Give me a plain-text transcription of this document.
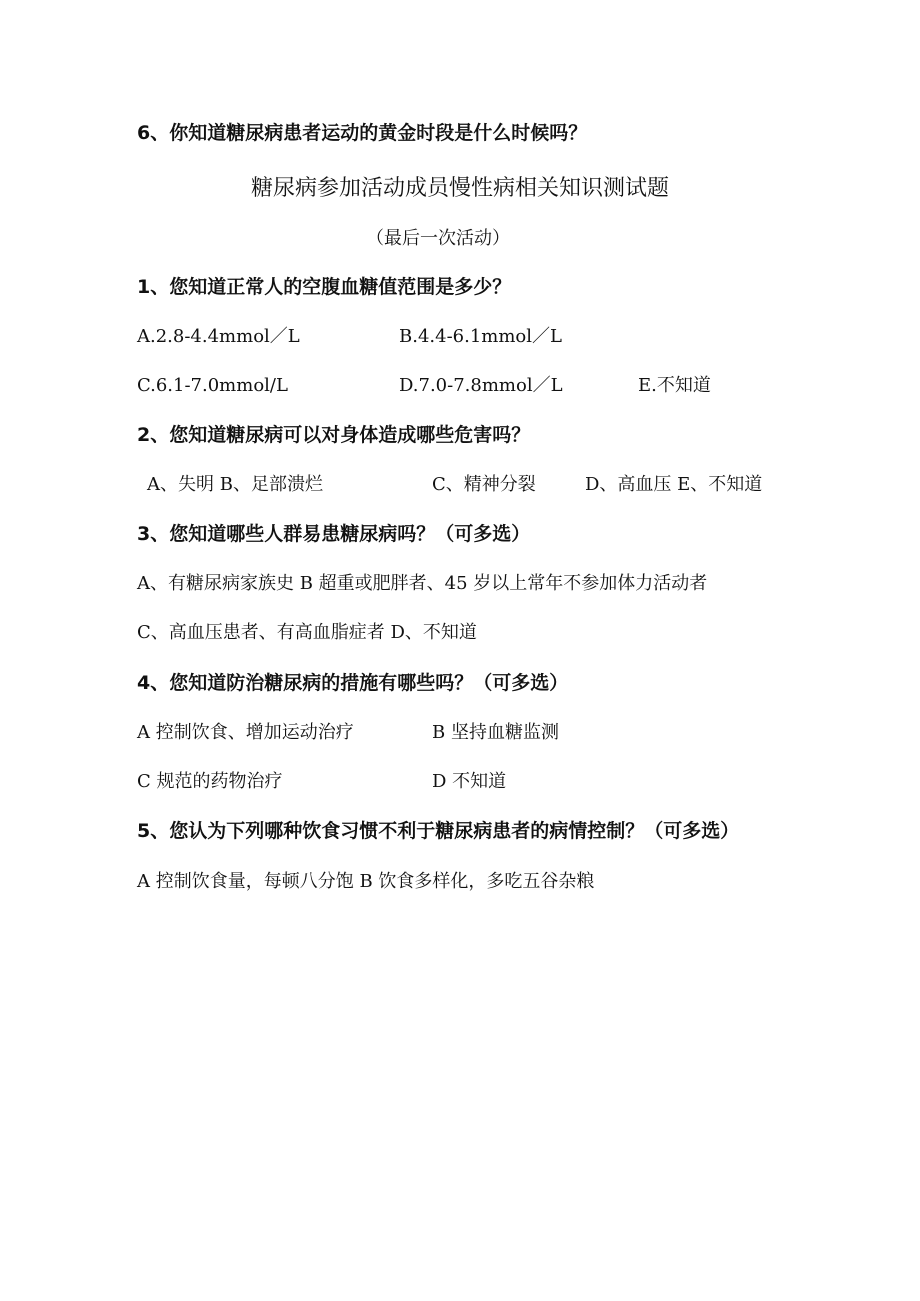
6、你知道糖尿病患者运动的黄金时段是什么时候吗？
糖尿病参加活动成员慢性病相关知识测试题
（最后一次活动）
1、您知道正常人的空腹血糖值范围是多少？
A.2.8-4.4mmol／L	B.4.4-6.1mmol／L
C.6.1-7.0mmol/L	D.7.0-7.8mmol／L	E.不知道
2、您知道糖尿病可以对身体造成哪些危害吗？
A、失明 B、足部溃烂	C、精神分裂	D、高血压 E、不知道
3、您知道哪些人群易患糖尿病吗？（可多选）
A、有糖尿病家族史 B 超重或肥胖者、45 岁以上常年不参加体力活动者
C、高血压患者、有高血脂症者 D、不知道
4、您知道防治糖尿病的措施有哪些吗？（可多选）
A 控制饮食、增加运动治疗	B 坚持血糖监测
C 规范的药物治疗	D 不知道
5、您认为下列哪种饮食习惯不利于糖尿病患者的病情控制？（可多选）
A 控制饮食量，每顿八分饱 B 饮食多样化，多吃五谷杂粮
